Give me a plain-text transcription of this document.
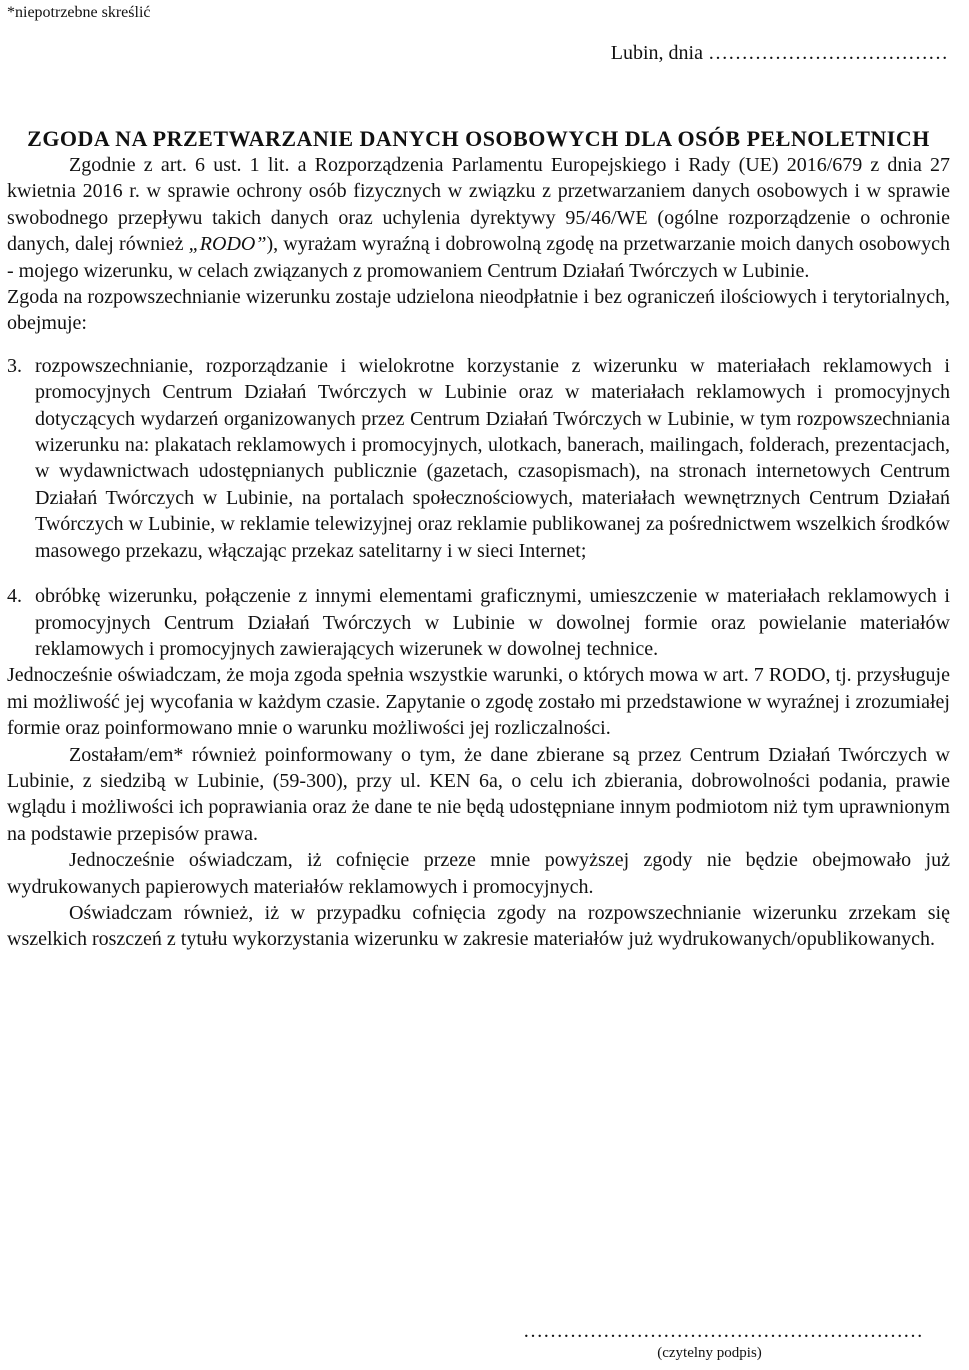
*niepotrzebne skreślić
Lubin, dnia ………………………………
ZGODA NA PRZETWARZANIE DANYCH OSOBOWYCH DLA OSÓB PEŁNOLETNICH

Zgodnie z art. 6 ust. 1 lit. a Rozporządzenia Parlamentu Europejskiego i Rady (UE) 2016/679 z dnia 27 kwietnia 2016 r. w sprawie ochrony osób fizycznych w związku z przetwarzaniem danych osobowych i w sprawie swobodnego przepływu takich danych oraz uchylenia dyrektywy 95/46/WE (ogólne rozporządzenie o ochronie danych, dalej również „RODO”), wyrażam wyraźną i dobrowolną zgodę na przetwarzanie moich danych osobowych - mojego wizerunku, w celach związanych z promowaniem Centrum Działań Twórczych w Lubinie.

Zgoda na rozpowszechnianie wizerunku zostaje udzielona nieodpłatnie i bez ograniczeń ilościowych i terytorialnych, obejmuje:

3. rozpowszechnianie, rozporządzanie i wielokrotne korzystanie z wizerunku w materiałach reklamowych i promocyjnych Centrum Działań Twórczych w Lubinie oraz w materiałach reklamowych i promocyjnych dotyczących wydarzeń organizowanych przez Centrum Działań Twórczych w Lubinie, w tym rozpowszechniania wizerunku na: plakatach reklamowych i promocyjnych, ulotkach, banerach, mailingach, folderach, prezentacjach, w wydawnictwach udostępnianych publicznie (gazetach, czasopismach), na stronach internetowych Centrum Działań Twórczych w Lubinie, na portalach społecznościowych, materiałach wewnętrznych Centrum Działań Twórczych w Lubinie, w reklamie telewizyjnej oraz reklamie publikowanej za pośrednictwem wszelkich środków masowego przekazu, włączając przekaz satelitarny i w sieci Internet;
4. obróbkę wizerunku, połączenie z innymi elementami graficznymi, umieszczenie w materiałach reklamowych i promocyjnych Centrum Działań Twórczych w Lubinie w dowolnej formie oraz powielanie materiałów reklamowych i promocyjnych zawierających wizerunek w dowolnej technice.

Jednocześnie oświadczam, że moja zgoda spełnia wszystkie warunki, o których mowa w art. 7 RODO, tj. przysługuje mi możliwość jej wycofania w każdym czasie. Zapytanie o zgodę zostało mi przedstawione w wyraźnej i zrozumiałej formie oraz poinformowano mnie o warunku możliwości jej rozliczalności.

Zostałam/em* również poinformowany o tym, że dane zbierane są przez Centrum Działań Twórczych w Lubinie, z siedzibą w Lubinie, (59-300), przy ul. KEN 6a, o celu ich zbierania, dobrowolności podania, prawie wglądu i możliwości ich poprawiania oraz że dane te nie będą udostępniane innym podmiotom niż tym uprawnionym na podstawie przepisów prawa.

Jednocześnie oświadczam, iż cofnięcie przeze mnie powyższej zgody nie będzie obejmowało już wydrukowanych papierowych materiałów reklamowych i promocyjnych.

Oświadczam również, iż w przypadku cofnięcia zgody na rozpowszechnianie wizerunku zrzekam się wszelkich roszczeń z tytułu wykorzystania wizerunku w zakresie materiałów już wydrukowanych/opublikowanych.

……………………………………………………
(czytelny podpis)
